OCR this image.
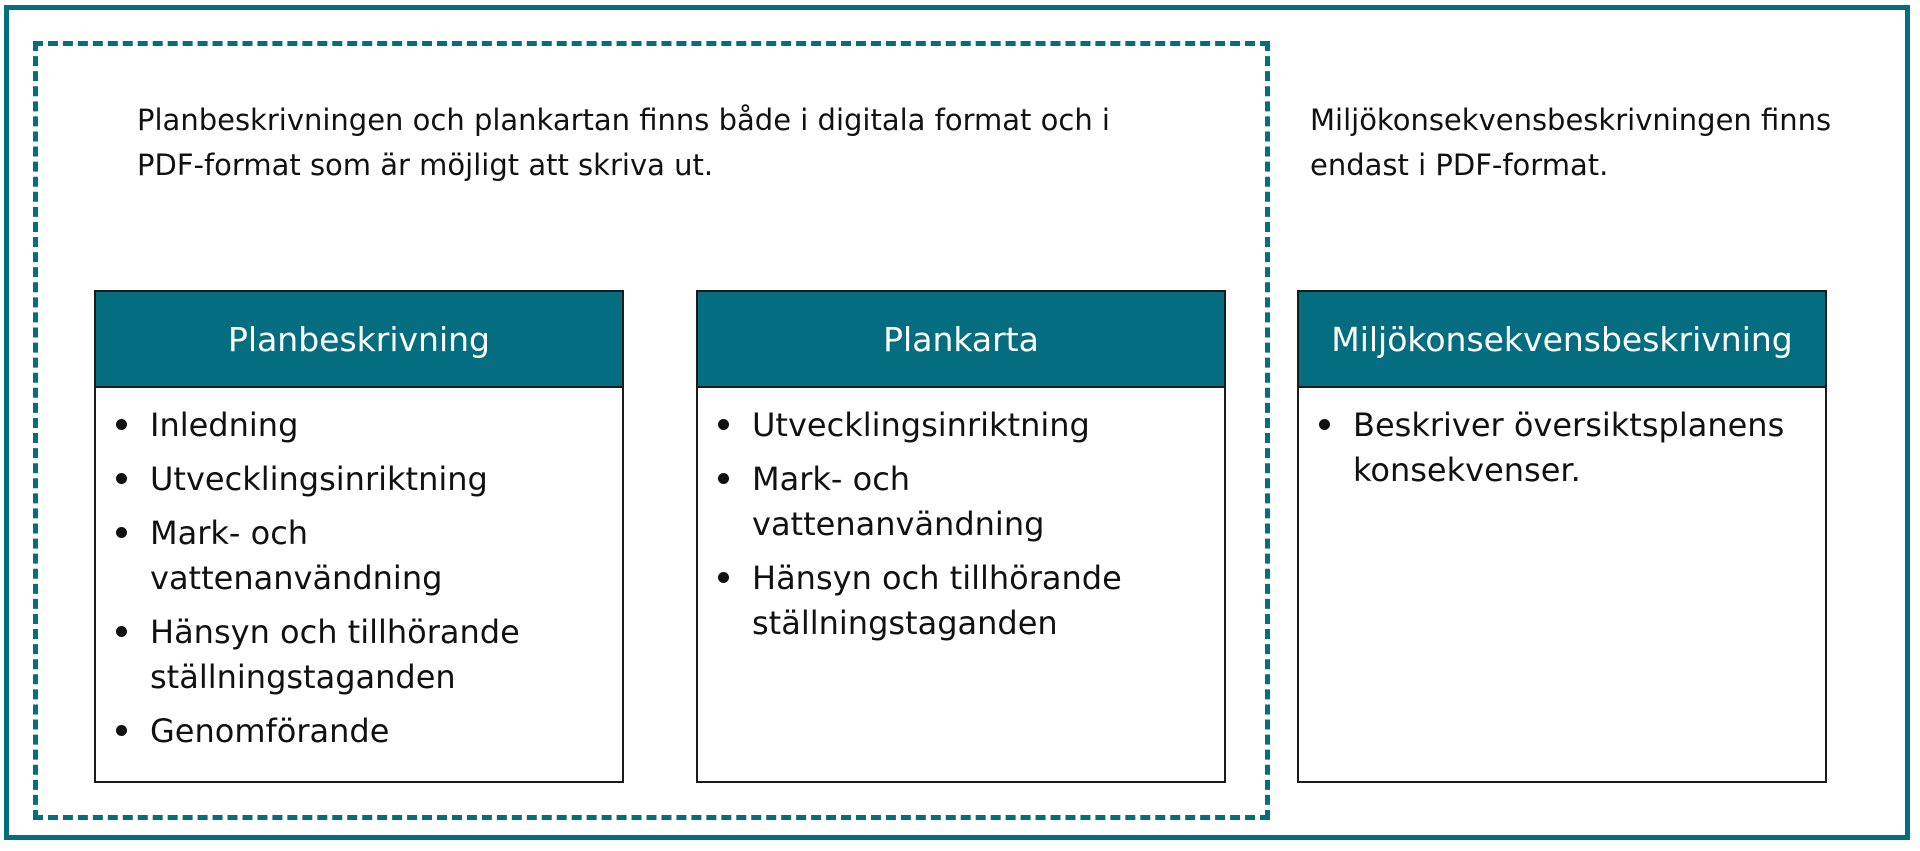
Planbeskrivningen och plankartan finns både i digitala format och i PDF-format som är möjligt att skriva ut.
Miljökonsekvensbeskrivningen finns endast i PDF-format.
Planbeskrivning
Inledning
Utvecklingsinriktning
Mark- och vattenanvändning
Hänsyn och tillhörande ställningstaganden
Genomförande
Plankarta
Utvecklingsinriktning
Mark- och vattenanvändning
Hänsyn och tillhörande ställningstaganden
Miljökonsekvensbeskrivning
Beskriver översiktsplanens konsekvenser.
